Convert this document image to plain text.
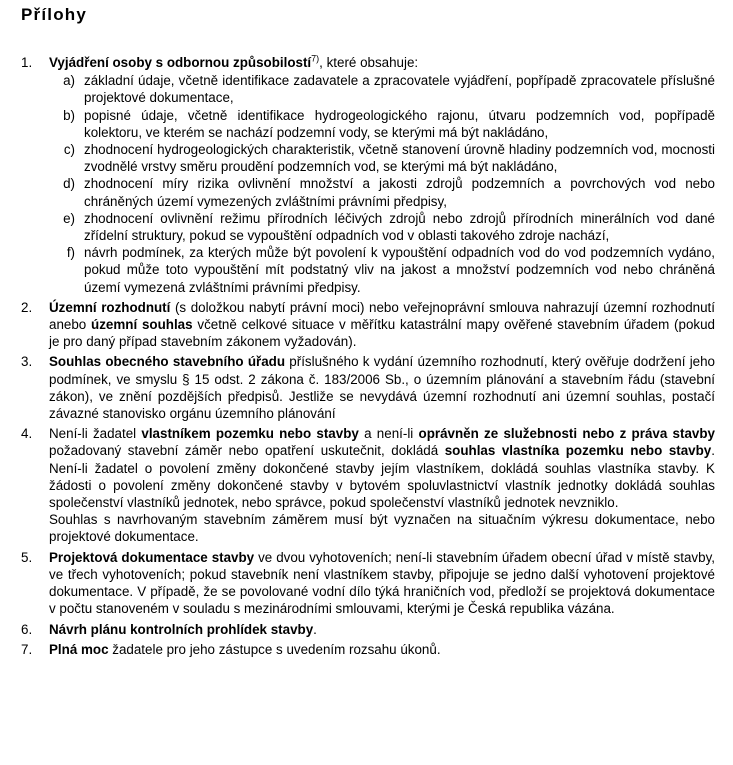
Přílohy
1. Vyjádření osoby s odbornou způsobilostí$^{7)}$, které obsahuje:
a) základní údaje, včetně identifikace zadavatele a zpracovatele vyjádření, popřípadě zpracovatele příslušné projektové dokumentace,
b) popisné údaje, včetně identifikace hydrogeologického rajonu, útvaru podzemních vod, popřípadě kolektoru, ve kterém se nachází podzemní vody, se kterými má být nakládáno,
c) zhodnocení hydrogeologických charakteristik, včetně stanovení úrovně hladiny podzemních vod, mocnosti zvodnělé vrstvy směru proudění podzemních vod, se kterými má být nakládáno,
d) zhodnocení míry rizika ovlivnění množství a jakosti zdrojů podzemních a povrchových vod nebo chráněných území vymezených zvláštními právními předpisy,
e) zhodnocení ovlivnění režimu přírodních léčivých zdrojů nebo zdrojů přírodních minerálních vod dané zřídelní struktury, pokud se vypouštění odpadních vod v oblasti takového zdroje nachází,
f) návrh podmínek, za kterých může být povolení k vypouštění odpadních vod do vod podzemních vydáno, pokud může toto vypouštění mít podstatný vliv na jakost a množství podzemních vod nebo chráněná území vymezená zvláštními právními předpisy.
2. Územní rozhodnutí (s doložkou nabytí právní moci) nebo veřejnoprávní smlouva nahrazují územní rozhodnutí anebo územní souhlas včetně celkové situace v měřítku katastrální mapy ověřené stavebním úřadem (pokud je pro daný případ stavebním zákonem vyžadován).
3. Souhlas obecného stavebního úřadu příslušného k vydání územního rozhodnutí, který ověřuje dodržení jeho podmínek, ve smyslu § 15 odst. 2 zákona č. 183/2006 Sb., o územním plánování a stavebním řádu (stavební zákon), ve znění pozdějších předpisů. Jestliže se nevydává územní rozhodnutí ani územní souhlas, postačí závazné stanovisko orgánu územního plánování
4. Není-li žadatel vlastníkem pozemku nebo stavby a není-li oprávněn ze služebnosti nebo z práva stavby požadovaný stavební záměr nebo opatření uskutečnit, dokládá souhlas vlastníka pozemku nebo stavby. Není-li žadatel o povolení změny dokončené stavby jejím vlastníkem, dokládá souhlas vlastníka stavby. K žádosti o povolení změny dokončené stavby v bytovém spoluvlastnictví vlastník jednotky dokládá souhlas společenství vlastníků jednotek, nebo správce, pokud společenství vlastníků jednotek nevzniklo.
Souhlas s navrhovaným stavebním záměrem musí být vyznačen na situačním výkresu dokumentace, nebo projektové dokumentace.
5. Projektová dokumentace stavby ve dvou vyhotoveních; není-li stavebním úřadem obecní úřad v místě stavby, ve třech vyhotoveních; pokud stavebník není vlastníkem stavby, připojuje se jedno další vyhotovení projektové dokumentace. V případě, že se povolované vodní dílo týká hraničních vod, předloží se projektová dokumentace v počtu stanoveném v souladu s mezinárodními smlouvami, kterými je Česká republika vázána.
6. Návrh plánu kontrolních prohlídek stavby.
7. Plná moc žadatele pro jeho zástupce s uvedením rozsahu úkonů.
